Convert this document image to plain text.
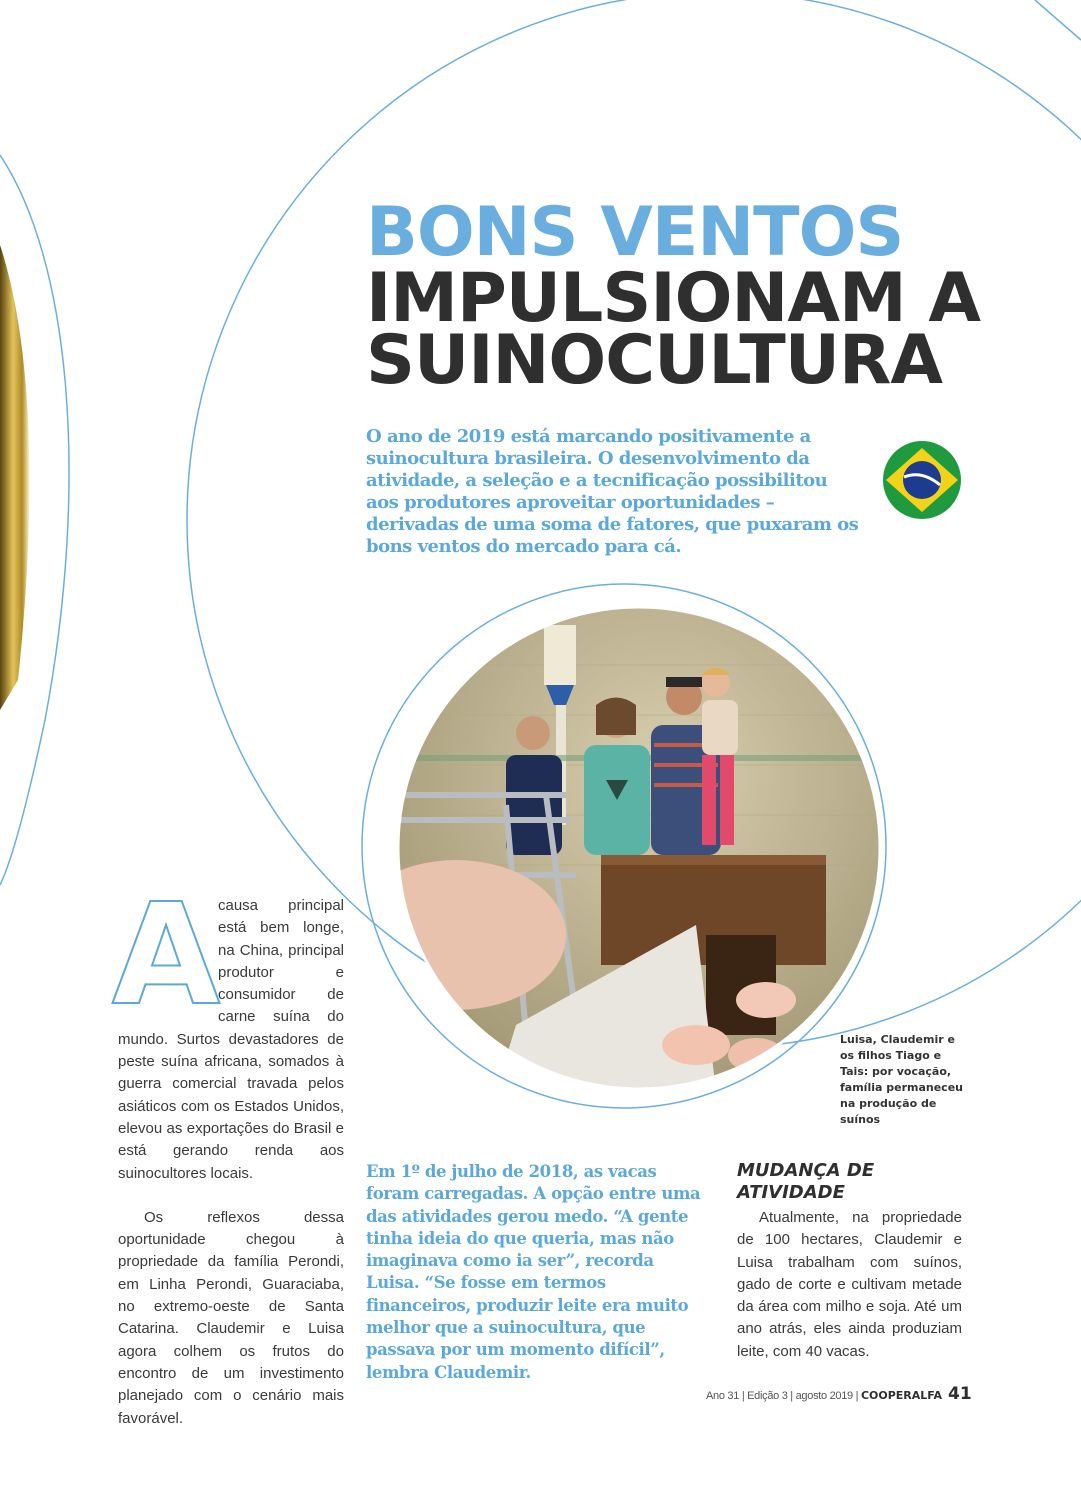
BONS VENTOS
IMPULSIONAM A
SUINOCULTURA

O ano de 2019 está marcando positivamente a suinocultura brasileira. O desenvolvimento da atividade, a seleção e a tecnificação possibilitou aos produtores aproveitar oportunidades – derivadas de uma soma de fatores, que puxaram os bons ventos do mercado para cá.

Luisa, Claudemir e os filhos Tiago e Tais: por vocação, família permaneceu na produção de suínos

A
causa principal está bem longe, na China, principal produtor e consumidor de carne suína do mundo. Surtos devastadores de peste suína africana, somados à guerra comercial travada pelos asiáticos com os Estados Unidos, elevou as exportações do Brasil e está gerando renda aos suinocultores locais.

Os reflexos dessa oportunidade chegou à propriedade da família Perondi, em Linha Perondi, Guaraciaba, no extremo-oeste de Santa Catarina. Claudemir e Luisa agora colhem os frutos do encontro de um investimento planejado com o cenário mais favorável.

Em 1º de julho de 2018, as vacas foram carregadas. A opção entre uma das atividades gerou medo. “A gente tinha ideia do que queria, mas não imaginava como ia ser”, recorda Luisa. “Se fosse em termos financeiros, produzir leite era muito melhor que a suinocultura, que passava por um momento difícil”, lembra Claudemir.

MUDANÇA DE ATIVIDADE

Atualmente, na propriedade de 100 hectares, Claudemir e Luisa trabalham com suínos, gado de corte e cultivam metade da área com milho e soja. Até um ano atrás, eles ainda produziam leite, com 40 vacas.

Ano 31 | Edição 3 | agosto 2019 | COOPERALFA 41
